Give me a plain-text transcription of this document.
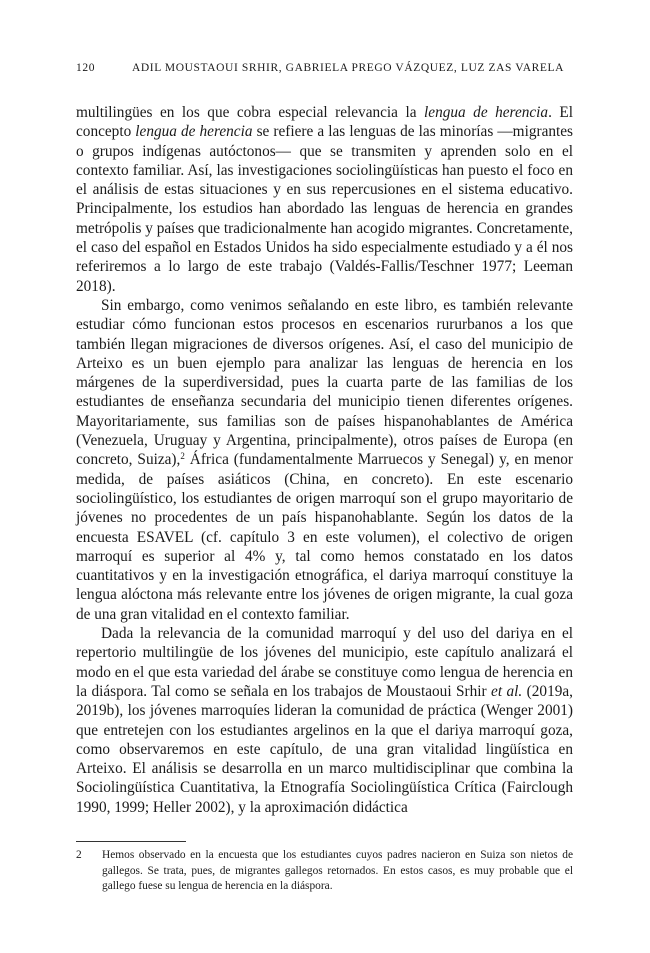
120	ADIL MOUSTAOUI SRHIR, GABRIELA PREGO VÁZQUEZ, LUZ ZAS VARELA

multilingües en los que cobra especial relevancia la lengua de herencia. El concepto lengua de herencia se refiere a las lenguas de las minorías —migrantes o grupos indígenas autóctonos— que se transmiten y aprenden solo en el contexto familiar. Así, las investigaciones sociolingüísticas han puesto el foco en el análisis de estas situaciones y en sus repercusiones en el sistema educativo. Principalmente, los estudios han abordado las lenguas de herencia en grandes metrópolis y países que tradicionalmente han acogido migrantes. Concretamente, el caso del español en Estados Unidos ha sido especialmente estudiado y a él nos referiremos a lo largo de este trabajo (Valdés-Fallis/Teschner 1977; Leeman 2018).

Sin embargo, como venimos señalando en este libro, es también relevante estudiar cómo funcionan estos procesos en escenarios rururbanos a los que también llegan migraciones de diversos orígenes. Así, el caso del municipio de Arteixo es un buen ejemplo para analizar las lenguas de herencia en los márgenes de la superdiversidad, pues la cuarta parte de las familias de los estudiantes de enseñanza secundaria del municipio tienen diferentes orígenes. Mayoritariamente, sus familias son de países hispanohablantes de América (Venezuela, Uruguay y Argentina, principalmente), otros países de Europa (en concreto, Suiza),$^2$ África (fundamentalmente Marruecos y Senegal) y, en menor medida, de países asiáticos (China, en concreto). En este escenario sociolingüístico, los estudiantes de origen marroquí son el grupo mayoritario de jóvenes no procedentes de un país hispanohablante. Según los datos de la encuesta ESAVEL (cf. capítulo 3 en este volumen), el colectivo de origen marroquí es superior al 4% y, tal como hemos constatado en los datos cuantitativos y en la investigación etnográfica, el dariya marroquí constituye la lengua alóctona más relevante entre los jóvenes de origen migrante, la cual goza de una gran vitalidad en el contexto familiar.

Dada la relevancia de la comunidad marroquí y del uso del dariya en el repertorio multilingüe de los jóvenes del municipio, este capítulo analizará el modo en el que esta variedad del árabe se constituye como lengua de herencia en la diáspora. Tal como se señala en los trabajos de Moustaoui Srhir et al. (2019a, 2019b), los jóvenes marroquíes lideran la comunidad de práctica (Wenger 2001) que entretejen con los estudiantes argelinos en la que el dariya marroquí goza, como observaremos en este capítulo, de una gran vitalidad lingüística en Arteixo. El análisis se desarrolla en un marco multidisciplinar que combina la Sociolingüística Cuantitativa, la Etnografía Sociolingüística Crítica (Fairclough 1990, 1999; Heller 2002), y la aproximación didáctica

2 Hemos observado en la encuesta que los estudiantes cuyos padres nacieron en Suiza son nietos de gallegos. Se trata, pues, de migrantes gallegos retornados. En estos casos, es muy probable que el gallego fuese su lengua de herencia en la diáspora.
